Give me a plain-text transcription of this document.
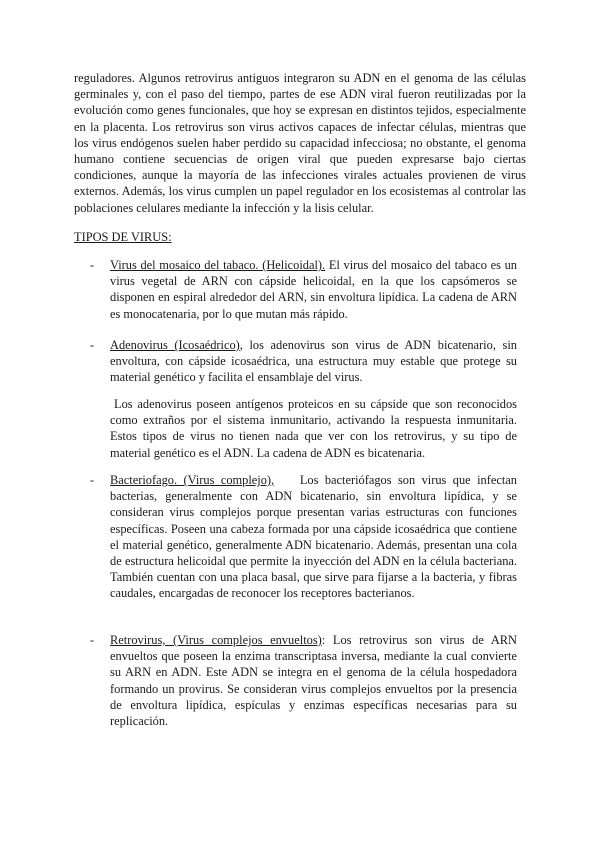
reguladores. Algunos retrovirus antiguos integraron su ADN en el genoma de las células germinales y, con el paso del tiempo, partes de ese ADN viral fueron reutilizadas por la evolución como genes funcionales, que hoy se expresan en distintos tejidos, especialmente en la placenta. Los retrovirus son virus activos capaces de infectar células, mientras que los virus endógenos suelen haber perdido su capacidad infecciosa; no obstante, el genoma humano contiene secuencias de origen viral que pueden expresarse bajo ciertas condiciones, aunque la mayoría de las infecciones virales actuales provienen de virus externos. Además, los virus cumplen un papel regulador en los ecosistemas al controlar las poblaciones celulares mediante la infección y la lisis celular.

TIPOS DE VIRUS:

-	Virus del mosaico del tabaco. (Helicoidal). El virus del mosaico del tabaco es un virus vegetal de ARN con cápside helicoidal, en la que los capsómeros se disponen en espiral alrededor del ARN, sin envoltura lipídica. La cadena de ARN es monocatenaria, por lo que mutan más rápido.

-	Adenovirus (Icosaédrico), los adenovirus son virus de ADN bicatenario, sin envoltura, con cápside icosaédrica, una estructura muy estable que protege su material genético y facilita el ensamblaje del virus.

Los adenovirus poseen antígenos proteicos en su cápside que son reconocidos como extraños por el sistema inmunitario, activando la respuesta inmunitaria. Estos tipos de virus no tienen nada que ver con los retrovirus, y su tipo de material genético es el ADN. La cadena de ADN es bicatenaria.

-	Bacteriofago. (Virus complejo),    Los bacteriófagos son virus que infectan bacterias, generalmente con ADN bicatenario, sin envoltura lipídica, y se consideran virus complejos porque presentan varias estructuras con funciones específicas. Poseen una cabeza formada por una cápside icosaédrica que contiene el material genético, generalmente ADN bicatenario. Además, presentan una cola de estructura helicoidal que permite la inyección del ADN en la célula bacteriana. También cuentan con una placa basal, que sirve para fijarse a la bacteria, y fibras caudales, encargadas de reconocer los receptores bacterianos.

-	Retrovirus, (Virus complejos envueltos): Los retrovirus son virus de ARN envueltos que poseen la enzima transcriptasa inversa, mediante la cual convierte su ARN en ADN. Este ADN se integra en el genoma de la célula hospedadora formando un provirus. Se consideran virus complejos envueltos por la presencia de envoltura lipídica, espículas y enzimas específicas necesarias para su replicación.
